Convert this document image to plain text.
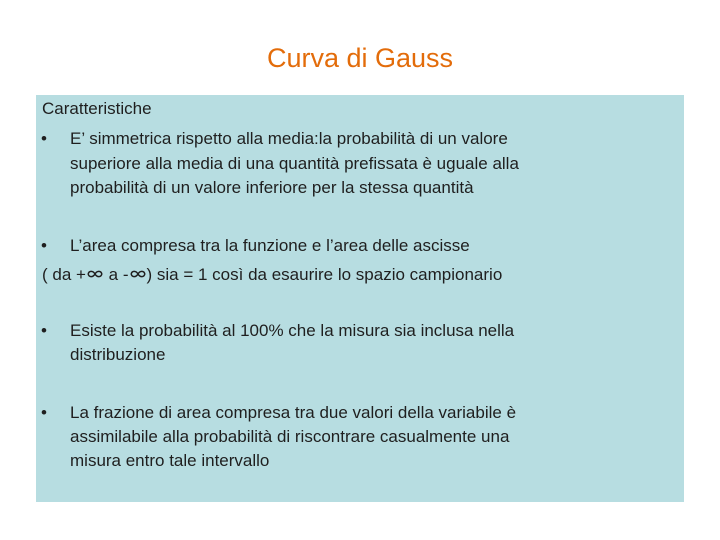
Curva di Gauss
Caratteristiche
• E’ simmetrica rispetto alla media:la probabilità di un valore
superiore alla media di una quantità prefissata è uguale alla
probabilità di un valore inferiore per la stessa quantità
• L’area compresa tra la funzione e l’area delle ascisse
( da +
a - ) sia = 1 così da esaurire lo spazio campionario
• Esiste la probabilità al 100% che la misura sia inclusa nella
distribuzione
• La frazione di area compresa tra due valori della variabile è
assimilabile alla probabilità di riscontrare casualmente una
misura entro tale intervallo
